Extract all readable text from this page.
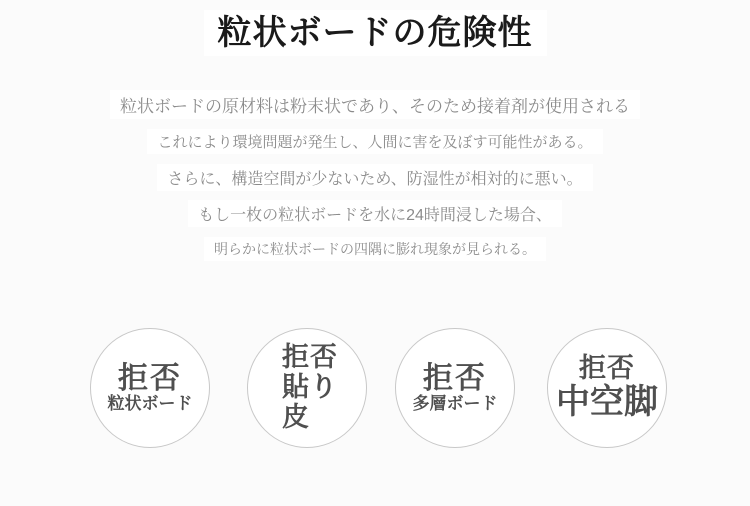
粒状ボードの危険性

粒状ボードの原材料は粉末状であり、そのため接着剤が使用される

これにより環境問題が発生し、人間に害を及ぼす可能性がある。

さらに、構造空間が少ないため、防湿性が相対的に悪い。

もし一枚の粒状ボードを水に24時間浸した場合、

明らかに粒状ボードの四隅に膨れ現象が見られる。

拒否
粒状ボード
拒否
貼り
皮
拒否
多層ボード
拒否
中空脚
